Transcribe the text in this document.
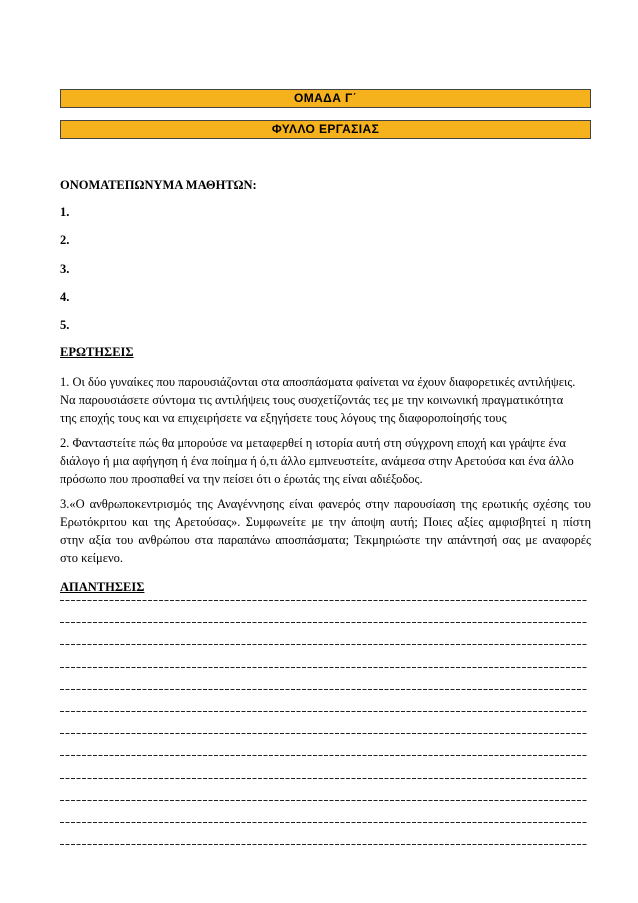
ΟΜΑΔΑ Γ΄
ΦΥΛΛΟ ΕΡΓΑΣΙΑΣ
ΟΝΟΜΑΤΕΠΩΝΥΜΑ ΜΑΘΗΤΩΝ:
1.
2.
3.
4.
5.
ΕΡΩΤΗΣΕΙΣ
1. Οι δύο γυναίκες που παρουσιάζονται στα αποσπάσματα φαίνεται να έχουν διαφορετικές αντιλήψεις.
Να παρουσιάσετε σύντομα τις αντιλήψεις τους συσχετίζοντάς τες με την κοινωνική πραγματικότητα
της εποχής τους και να επιχειρήσετε να εξηγήσετε τους λόγους της διαφοροποίησής τους
2. Φανταστείτε πώς θα μπορούσε να μεταφερθεί η ιστορία αυτή στη σύγχρονη εποχή και γράψτε ένα
διάλογο ή μια αφήγηση ή ένα ποίημα ή ό,τι άλλο εμπνευστείτε, ανάμεσα στην Αρετούσα και ένα άλλο
πρόσωπο που προσπαθεί να την πείσει ότι ο έρωτάς της είναι αδιέξοδος.
3.«Ο ανθρωποκεντρισμός της Αναγέννησης είναι φανερός στην παρουσίαση της ερωτικής σχέσης του
Ερωτόκριτου και της Αρετούσας». Συμφωνείτε με την άποψη αυτή; Ποιες αξίες αμφισβητεί η πίστη
στην αξία του ανθρώπου στα παραπάνω αποσπάσματα; Τεκμηριώστε την απάντησή σας με αναφορές
στο κείμενο.
ΑΠΑΝΤΗΣΕΙΣ
